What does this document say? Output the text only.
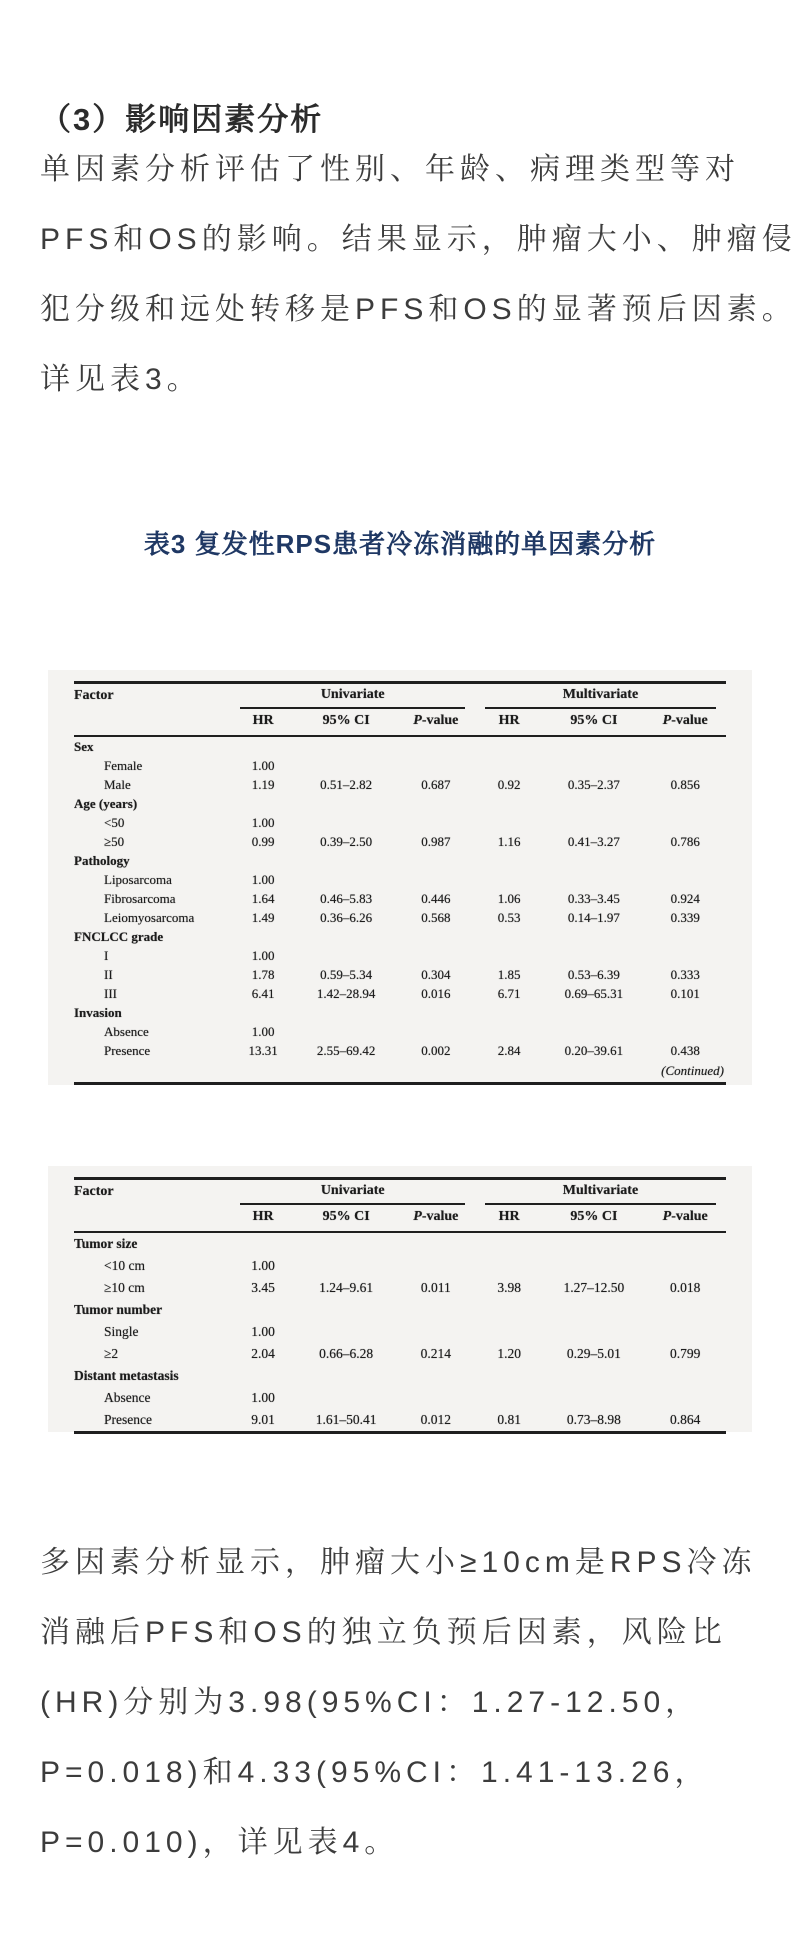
（3）影响因素分析
单因素分析评估了性别、年龄、病理类型等对
PFS和OS的影响。结果显示，肿瘤大小、肿瘤侵
犯分级和远处转移是PFS和OS的显著预后因素。
详见表3。
表3 复发性RPS患者冷冻消融的单因素分析
Factor	Univariate			Multivariate		

	HR	95% CI	P-value	HR	95% CI	P-value
Sex						
Female	1.00					
Male	1.19	0.51–2.82	0.687	0.92	0.35–2.37	0.856
Age (years)						
<50	1.00					
≥50	0.99	0.39–2.50	0.987	1.16	0.41–3.27	0.786
Pathology						
Liposarcoma	1.00					
Fibrosarcoma	1.64	0.46–5.83	0.446	1.06	0.33–3.45	0.924
Leiomyosarcoma	1.49	0.36–6.26	0.568	0.53	0.14–1.97	0.339
FNCLCC grade						
I	1.00					
II	1.78	0.59–5.34	0.304	1.85	0.53–6.39	0.333
III	6.41	1.42–28.94	0.016	6.71	0.69–65.31	0.101
Invasion						
Absence	1.00					
Presence	13.31	2.55–69.42	0.002	2.84	0.20–39.61	0.438
(Continued)						
Factor	Univariate			Multivariate		

	HR	95% CI	P-value	HR	95% CI	P-value
Tumor size						
<10 cm	1.00					
≥10 cm	3.45	1.24–9.61	0.011	3.98	1.27–12.50	0.018
Tumor number						
Single	1.00					
≥2	2.04	0.66–6.28	0.214	1.20	0.29–5.01	0.799
Distant metastasis						
Absence	1.00					
Presence	9.01	1.61–50.41	0.012	0.81	0.73–8.98	0.864
多因素分析显示，肿瘤大小≥10cm是RPS冷冻
消融后PFS和OS的独立负预后因素，风险比
(HR)分别为3.98(95%CI：1.27-12.50，
P=0.018)和4.33(95%CI：1.41-13.26，
P=0.010)，详见表4。
